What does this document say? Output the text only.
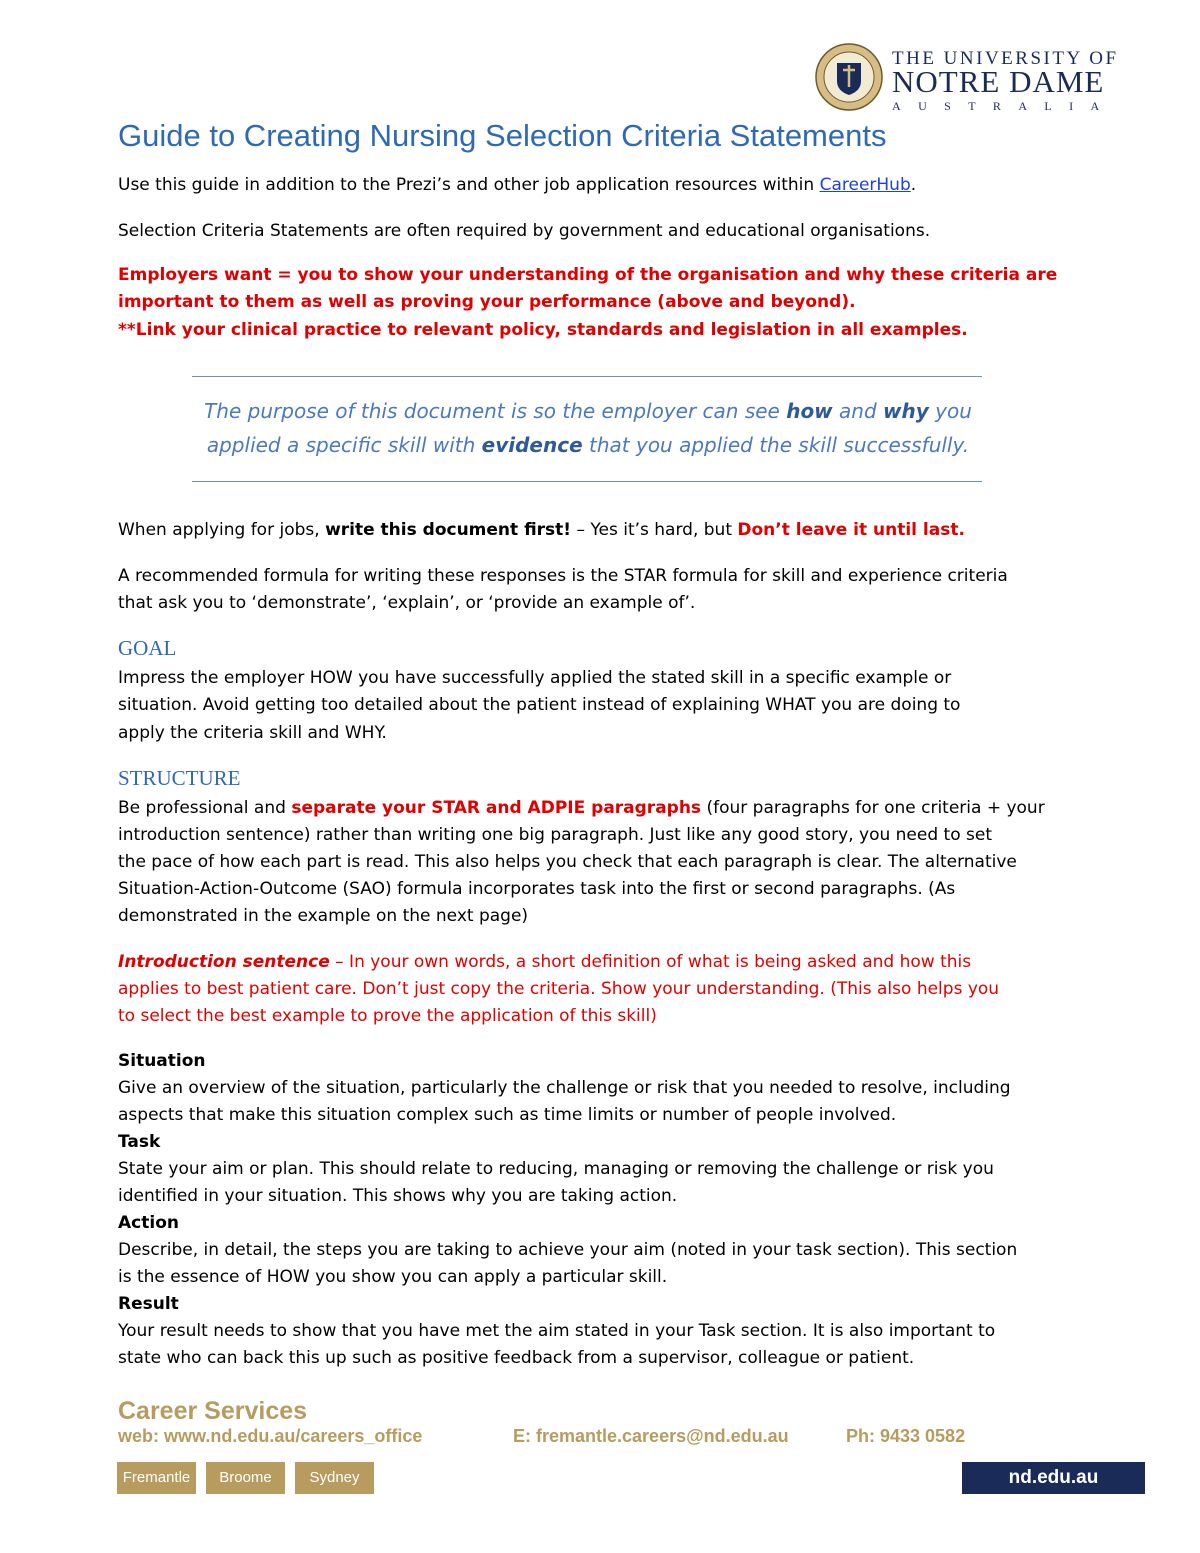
THE UNIVERSITY OF
NOTRE DAME
AUSTRALIA
Guide to Creating Nursing Selection Criteria Statements
Use this guide in addition to the Prezi’s and other job application resources within CareerHub.
Selection Criteria Statements are often required by government and educational organisations.
Employers want = you to show your understanding of the organisation and why these criteria are
important to them as well as proving your performance (above and beyond).
**Link your clinical practice to relevant policy, standards and legislation in all examples.
The purpose of this document is so the employer can see how and why you
applied a specific skill with evidence that you applied the skill successfully.
When applying for jobs, write this document first! – Yes it’s hard, but Don’t leave it until last.
A recommended formula for writing these responses is the STAR formula for skill and experience criteria
that ask you to ‘demonstrate’, ‘explain’, or ‘provide an example of’.
GOAL
Impress the employer HOW you have successfully applied the stated skill in a specific example or
situation. Avoid getting too detailed about the patient instead of explaining WHAT you are doing to
apply the criteria skill and WHY.
STRUCTURE
Be professional and separate your STAR and ADPIE paragraphs (four paragraphs for one criteria + your
introduction sentence) rather than writing one big paragraph. Just like any good story, you need to set
the pace of how each part is read. This also helps you check that each paragraph is clear. The alternative
Situation-Action-Outcome (SAO) formula incorporates task into the first or second paragraphs. (As
demonstrated in the example on the next page)
Introduction sentence – In your own words, a short definition of what is being asked and how this
applies to best patient care. Don’t just copy the criteria. Show your understanding. (This also helps you
to select the best example to prove the application of this skill)
Situation
Give an overview of the situation, particularly the challenge or risk that you needed to resolve, including
aspects that make this situation complex such as time limits or number of people involved.
Task
State your aim or plan. This should relate to reducing, managing or removing the challenge or risk you
identified in your situation. This shows why you are taking action.
Action
Describe, in detail, the steps you are taking to achieve your aim (noted in your task section). This section
is the essence of HOW you show you can apply a particular skill.
Result
Your result needs to show that you have met the aim stated in your Task section. It is also important to
state who can back this up such as positive feedback from a supervisor, colleague or patient.
Career Services
web: www.nd.edu.au/careers_office	E: fremantle.careers@nd.edu.au	Ph: 9433 0582
Fremantle	Broome	Sydney	nd.edu.au
